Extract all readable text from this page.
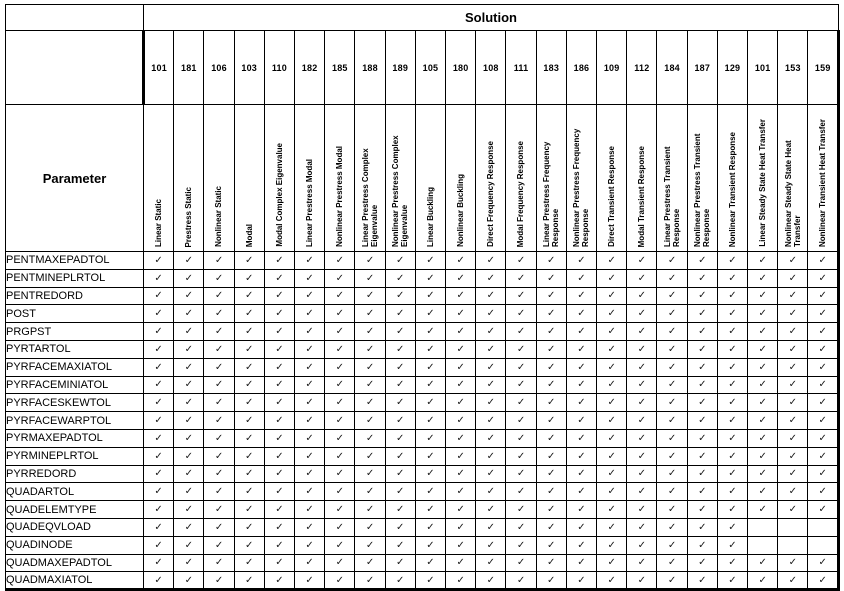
	Solution																						
	101	181	106	103	110	182	185	188	189	105	180	108	111	183	186	109	112	184	187	129	101	153	159
Parameter	Linear Static	Prestress Static	Nonlinear Static	Modal	Modal Complex Eigenvalue	Linear Prestress Modal	Nonlinear Prestress Modal	Linear Prestress Complex Eigenvalue	Nonlinear Prestress Complex Eigenvalue	Linear Buckling	Nonlinear Buckling	Direct Frequency Response	Modal Frequency Response	Linear Prestress Frequency Response	Nonlinear Prestress Frequency Response	Direct Transient Response	Modal Transient Response	Linear Prestress Transient Response	Nonlinear Prestress Transient Response	Nonlinear Transient Response	Linear Steady State Heat Transfer	Nonlinear Steady State Heat Transfer	Nonlinear Transient Heat Transfer

PENTMAXEPADTOL	✓	✓	✓	✓	✓	✓	✓	✓	✓	✓	✓	✓	✓	✓	✓	✓	✓	✓	✓	✓	✓	✓	✓
PENTMINEPLRTOL	✓	✓	✓	✓	✓	✓	✓	✓	✓	✓	✓	✓	✓	✓	✓	✓	✓	✓	✓	✓	✓	✓	✓
PENTREDORD	✓	✓	✓	✓	✓	✓	✓	✓	✓	✓	✓	✓	✓	✓	✓	✓	✓	✓	✓	✓	✓	✓	✓
POST	✓	✓	✓	✓	✓	✓	✓	✓	✓	✓	✓	✓	✓	✓	✓	✓	✓	✓	✓	✓	✓	✓	✓
PRGPST	✓	✓	✓	✓	✓	✓	✓	✓	✓	✓	✓	✓	✓	✓	✓	✓	✓	✓	✓	✓	✓	✓	✓
PYRTARTOL	✓	✓	✓	✓	✓	✓	✓	✓	✓	✓	✓	✓	✓	✓	✓	✓	✓	✓	✓	✓	✓	✓	✓
PYRFACEMAXIATOL	✓	✓	✓	✓	✓	✓	✓	✓	✓	✓	✓	✓	✓	✓	✓	✓	✓	✓	✓	✓	✓	✓	✓
PYRFACEMINIATOL	✓	✓	✓	✓	✓	✓	✓	✓	✓	✓	✓	✓	✓	✓	✓	✓	✓	✓	✓	✓	✓	✓	✓
PYRFACESKEWTOL	✓	✓	✓	✓	✓	✓	✓	✓	✓	✓	✓	✓	✓	✓	✓	✓	✓	✓	✓	✓	✓	✓	✓
PYRFACEWARPTOL	✓	✓	✓	✓	✓	✓	✓	✓	✓	✓	✓	✓	✓	✓	✓	✓	✓	✓	✓	✓	✓	✓	✓
PYRMAXEPADTOL	✓	✓	✓	✓	✓	✓	✓	✓	✓	✓	✓	✓	✓	✓	✓	✓	✓	✓	✓	✓	✓	✓	✓
PYRMINEPLRTOL	✓	✓	✓	✓	✓	✓	✓	✓	✓	✓	✓	✓	✓	✓	✓	✓	✓	✓	✓	✓	✓	✓	✓
PYRREDORD	✓	✓	✓	✓	✓	✓	✓	✓	✓	✓	✓	✓	✓	✓	✓	✓	✓	✓	✓	✓	✓	✓	✓
QUADARTOL	✓	✓	✓	✓	✓	✓	✓	✓	✓	✓	✓	✓	✓	✓	✓	✓	✓	✓	✓	✓	✓	✓	✓
QUADELEMTYPE	✓	✓	✓	✓	✓	✓	✓	✓	✓	✓	✓	✓	✓	✓	✓	✓	✓	✓	✓	✓	✓	✓	✓
QUADEQVLOAD	✓	✓	✓	✓	✓	✓	✓	✓	✓	✓	✓	✓	✓	✓	✓	✓	✓	✓	✓	✓			
QUADINODE	✓	✓	✓	✓	✓	✓	✓	✓	✓	✓	✓	✓	✓	✓	✓	✓	✓	✓	✓	✓			
QUADMAXEPADTOL	✓	✓	✓	✓	✓	✓	✓	✓	✓	✓	✓	✓	✓	✓	✓	✓	✓	✓	✓	✓	✓	✓	✓
QUADMAXIATOL	✓	✓	✓	✓	✓	✓	✓	✓	✓	✓	✓	✓	✓	✓	✓	✓	✓	✓	✓	✓	✓	✓	✓
